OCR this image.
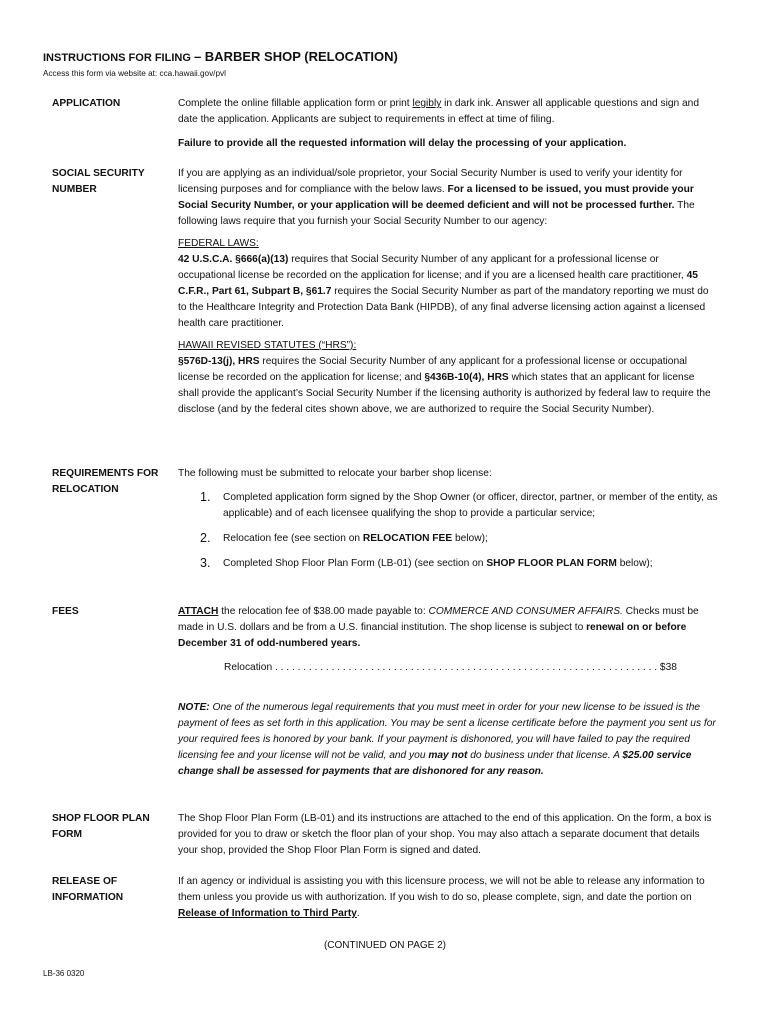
INSTRUCTIONS FOR FILING – BARBER SHOP (RELOCATION)
Access this form via website at: cca.hawaii.gov/pvl
APPLICATION	Complete the online fillable application form or print legibly in dark ink. Answer all applicable questions and sign and date the application. Applicants are subject to requirements in effect at time of filing.

Failure to provide all the requested information will delay the processing of your application.

SOCIAL SECURITY
NUMBER

If you are applying as an individual/sole proprietor, your Social Security Number is used to verify your identity for licensing purposes and for compliance with the below laws. For a licensed to be issued, you must provide your Social Security Number, or your application will be deemed deficient and will not be processed further. The following laws require that you furnish your Social Security Number to our agency:

FEDERAL LAWS:

42 U.S.C.A. §666(a)(13) requires that Social Security Number of any applicant for a professional license or occupational license be recorded on the application for license; and if you are a licensed health care practitioner, 45 C.F.R., Part 61, Subpart B, §61.7 requires the Social Security Number as part of the mandatory reporting we must do to the Healthcare Integrity and Protection Data Bank (HIPDB), of any final adverse licensing action against a licensed health care practitioner.

HAWAII REVISED STATUTES (“HRS”):

§576D-13(j), HRS requires the Social Security Number of any applicant for a professional license or occupational license be recorded on the application for license; and §436B-10(4), HRS which states that an applicant for license shall provide the applicant’s Social Security Number if the licensing authority is authorized by federal law to require the disclose (and by the federal cites shown above, we are authorized to require the Social Security Number).

REQUIREMENTS FOR
RELOCATION

The following must be submitted to relocate your barber shop license:

1. Completed application form signed by the Shop Owner (or officer, director, partner, or member of the entity, as applicable) and of each licensee qualifying the shop to provide a particular service;
2. Relocation fee (see section on RELOCATION FEE below);
3. Completed Shop Floor Plan Form (LB-01) (see section on SHOP FLOOR PLAN FORM below);
FEES	ATTACH the relocation fee of $38.00 made payable to: COMMERCE AND CONSUMER AFFAIRS. Checks must be made in U.S. dollars and be from a U.S. financial institution. The shop license is subject to renewal on or before December 31 of odd-numbered years.

Relocation . . . . . . . . . . . . . . . . . . . . . . . . . . . . . . . . . . . . . . . . . . . . . . . . . . . . . . . . . . . . . . . . . . . . $38

NOTE: One of the numerous legal requirements that you must meet in order for your new license to be issued is the payment of fees as set forth in this application. You may be sent a license certificate before the payment you sent us for your required fees is honored by your bank. If your payment is dishonored, you will have failed to pay the required licensing fee and your license will not be valid, and you may not do business under that license. A $25.00 service change shall be assessed for payments that are dishonored for any reason.

SHOP FLOOR PLAN
FORM

The Shop Floor Plan Form (LB-01) and its instructions are attached to the end of this application. On the form, a box is provided for you to draw or sketch the floor plan of your shop. You may also attach a separate document that details your shop, provided the Shop Floor Plan Form is signed and dated.

RELEASE OF
INFORMATION

If an agency or individual is assisting you with this licensure process, we will not be able to release any information to them unless you provide us with authorization. If you wish to do so, please complete, sign, and date the portion on Release of Information to Third Party.

(CONTINUED ON PAGE 2)
LB-36 0320
